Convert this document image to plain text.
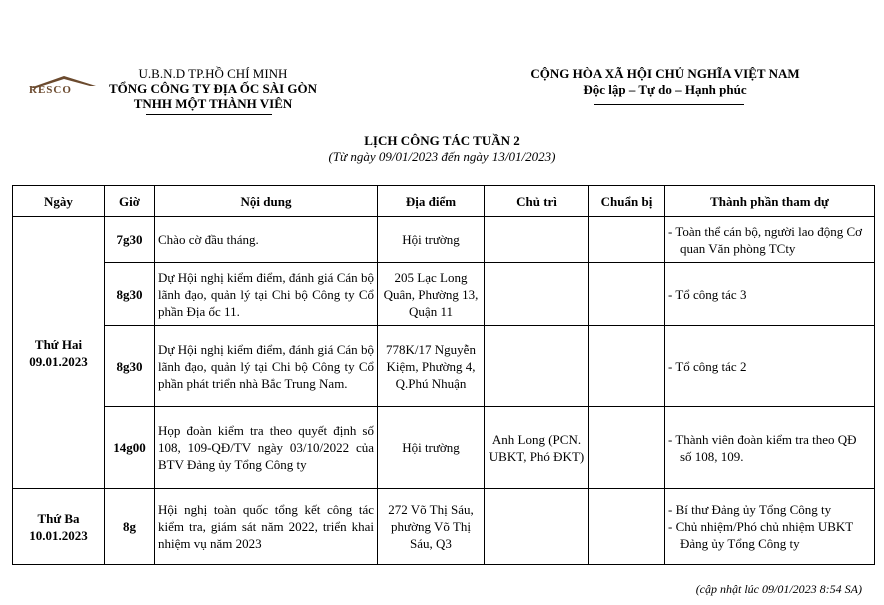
RESCO
U.B.N.D TP.HỒ CHÍ MINH
TỔNG CÔNG TY ĐỊA ỐC SÀI GÒN
TNHH MỘT THÀNH VIÊN
CỘNG HÒA XÃ HỘI CHỦ NGHĨA VIỆT NAM
Độc lập – Tự do – Hạnh phúc
LỊCH CÔNG TÁC TUẦN 2
(Từ ngày 09/01/2023 đến ngày 13/01/2023)
Ngày	Giờ	Nội dung	Địa điểm	Chủ trì	Chuẩn bị	Thành phần tham dự
Thứ Hai
09.01.2023	7g30	Chào cờ đầu tháng.	Hội trường			- Toàn thể cán bộ, người lao động Cơ quan Văn phòng TCty

	8g30	Dự Hội nghị kiểm điểm, đánh giá Cán bộ lãnh đạo, quản lý tại Chi bộ Công ty Cổ phần Địa ốc 11.	205 Lạc Long Quân, Phường 13, Quận 11			- Tổ công tác 3

	8g30	Dự Hội nghị kiểm điểm, đánh giá Cán bộ lãnh đạo, quản lý tại Chi bộ Công ty Cổ phần phát triển nhà Bắc Trung Nam.	778K/17 Nguyễn Kiệm, Phường 4, Q.Phú Nhuận			- Tổ công tác 2

	14g00	Họp đoàn kiểm tra theo quyết định số 108, 109-QĐ/TV ngày 03/10/2022 của BTV Đảng ủy Tổng Công ty	Hội trường	Anh Long (PCN. UBKT, Phó ĐKT)		- Thành viên đoàn kiểm tra theo QĐ số 108, 109.

Thứ Ba
10.01.2023	8g	Hội nghị toàn quốc tổng kết công tác kiểm tra, giám sát năm 2022, triển khai nhiệm vụ năm 2023	272 Võ Thị Sáu, phường Võ Thị Sáu, Q3			- Bí thư Đảng ủy Tổng Công ty
- Chủ nhiệm/Phó chủ nhiệm UBKT Đảng ủy Tổng Công ty
(cập nhật lúc 09/01/2023 8:54 SA)
